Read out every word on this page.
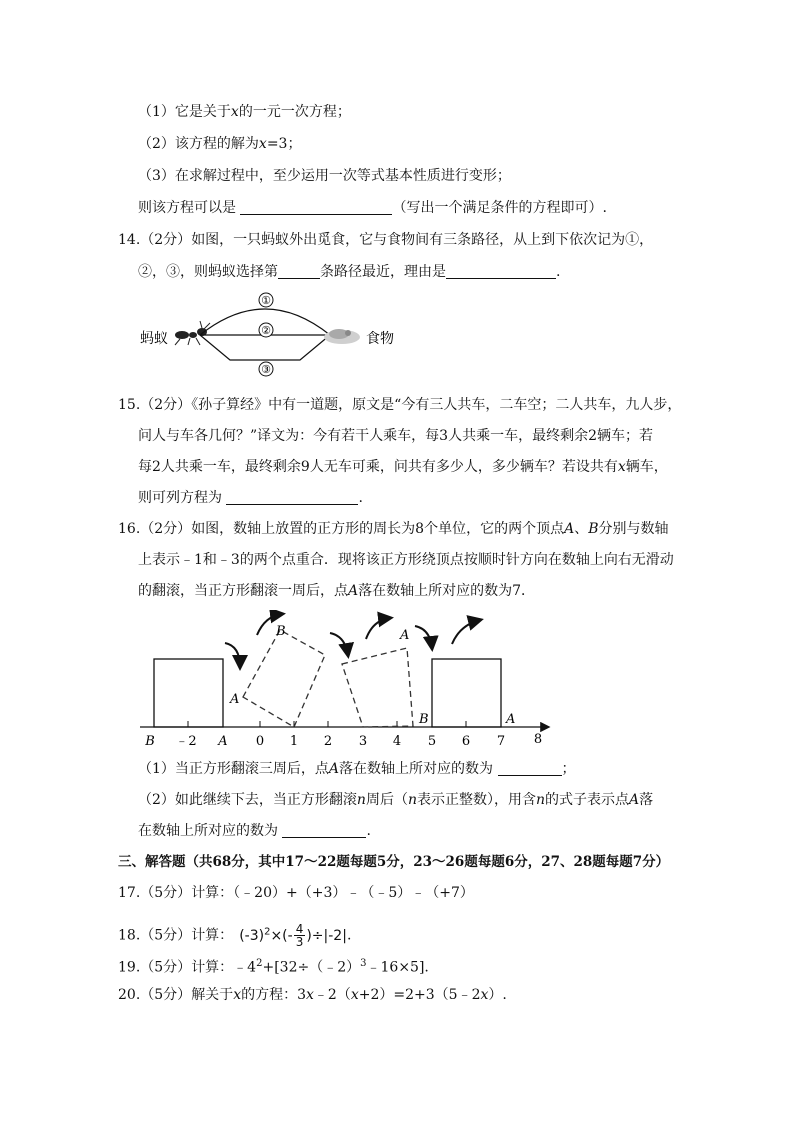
（1）它是关于x的一元一次方程；
（2）该方程的解为x=3；
（3）在求解过程中，至少运用一次等式基本性质进行变形；
则该方程可以是	（写出一个满足条件的方程即可）.
14.（2分）如图，一只蚂蚁外出觅食，它与食物间有三条路径，从上到下依次记为①，
②，③，则蚂蚁选择第	条路径最近，理由是	.
蚂蚁
①
②
③
食物
15.（2分）《孙子算经》中有一道题，原文是“今有三人共车，二车空；二人共车，九人步，
问人与车各几何？”译文为：今有若干人乘车，每3人共乘一车，最终剩余2辆车；若
每2人共乘一车，最终剩余9人无车可乘，问共有多少人，多少辆车？若设共有x辆车，
则可列方程为	.
16.（2分）如图，数轴上放置的正方形的周长为8个单位，它的两个顶点A、B分别与数轴
上表示﹣1和﹣3的两个点重合．现将该正方形绕顶点按顺时针方向在数轴上向右无滑动
的翻滚，当正方形翻滚一周后，点A落在数轴上所对应的数为7．
A
B	A
B	A
B ﹣2 A 0 1 2 3 4 5 6 7 8
（1）当正方形翻滚三周后，点A落在数轴上所对应的数为	；
（2）如此继续下去，当正方形翻滚n周后（n表示正整数），用含n的式子表示点A落
在数轴上所对应的数为	.
三、解答题（共68分，其中17～22题每题5分，23～26题每题6分，27、28题每题7分）
17.（5分）计算：（﹣20）+（+3）﹣（﹣5）﹣（+7）
18.（5分）计算： $(-3)^2\times(- \frac{4}{3} )\div|-2|$.
19.（5分）计算：$﹣4^2+[32\div(﹣2)^3﹣16\times 5]$.
20.（5分）解关于x的方程：3x﹣2（x+2）=2+3（5﹣2x）.
